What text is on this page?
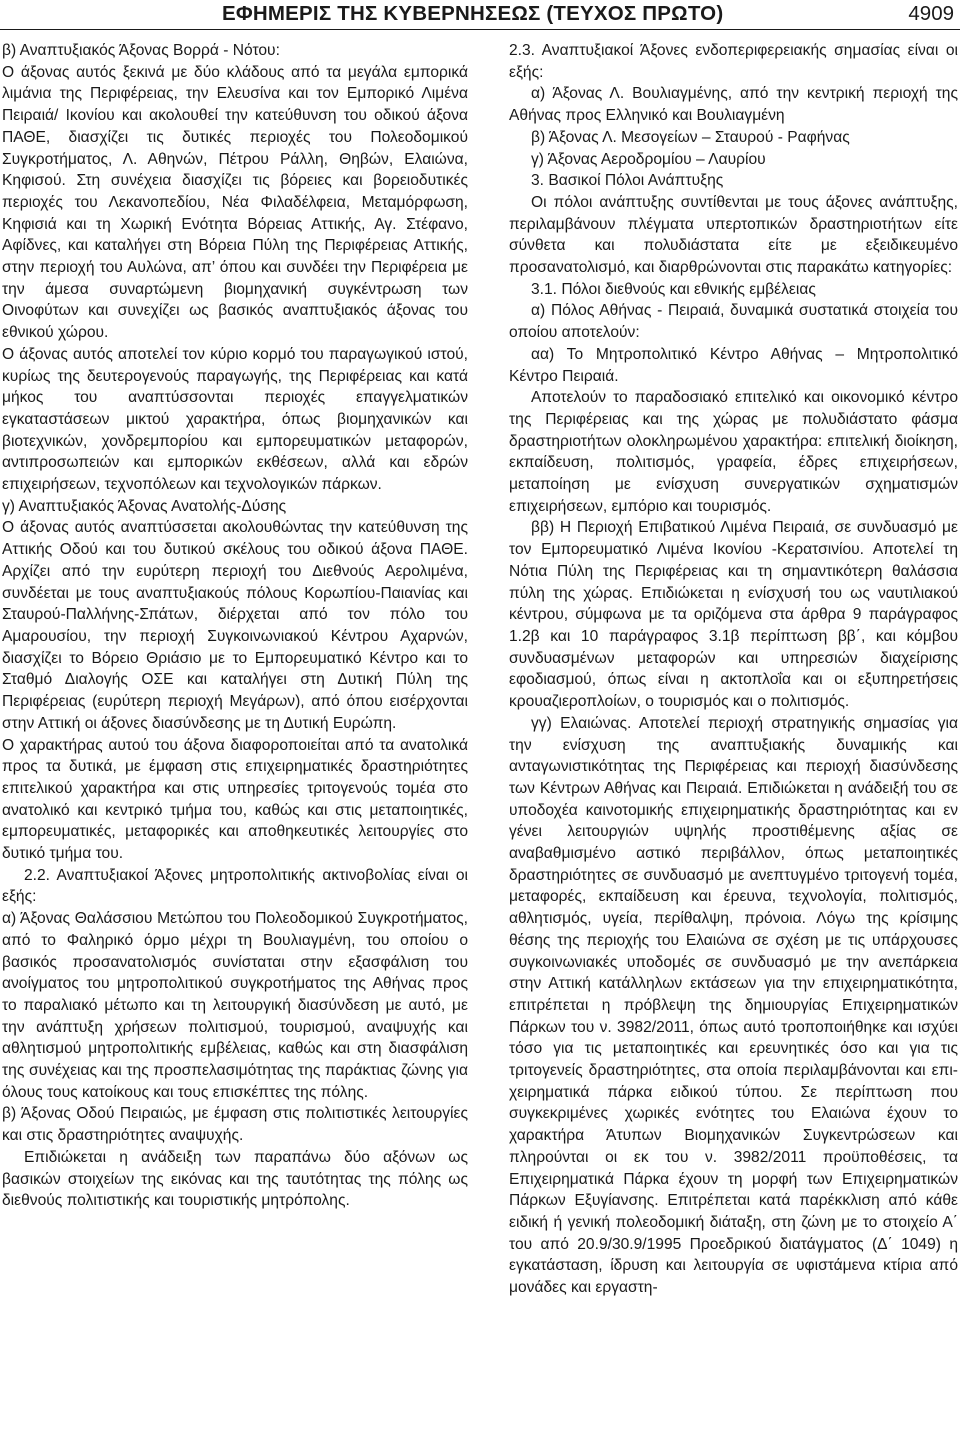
ΕΦΗΜΕΡΙΣ ΤΗΣ ΚΥΒΕΡΝΗΣΕΩΣ (ΤΕΥΧΟΣ ΠΡΩΤΟ)	4909

β) Αναπτυξιακός Άξονας Βορρά - Νότου:

Ο άξονας αυτός ξεκινά με δύο κλάδους από τα μεγάλα εμπορικά λιμάνια της Περιφέρειας, την Ελευσίνα και τον Εμπορικό Λιμένα Πειραιά/ Ικονίου και ακολουθεί την κατεύθυνση του οδικού άξονα ΠΑΘΕ, διασχίζει τις δυτικές περιοχές του Πολεοδομικού Συγκροτήματος, Λ. Αθηνών, Πέτρου Ράλλη, Θηβών, Ελαιώνα, Κηφισού. Στη συνέχεια διασχίζει τις βόρειες και βορειοδυτικές περιοχές του Λεκανοπεδίου, Νέα Φιλαδέλφεια, Μεταμόρφωση, Κηφισιά και τη Χωρική Ενότητα Βόρειας Αττικής, Αγ. Στέφανο, Αφίδνες, και καταλήγει στη Βόρεια Πύλη της Περιφέρειας Αττικής, στην περιοχή του Αυλώνα, απ’ όπου και συνδέει την Περιφέρεια με την άμεσα συναρτώμενη βιομηχανική συγκέντρωση των Οινοφύτων και συνεχίζει ως βασικός αναπτυξιακός άξονας του εθνικού χώρου.

Ο άξονας αυτός αποτελεί τον κύριο κορμό του παραγωγικού ιστού, κυρίως της δευτερογενούς παραγωγής, της Περιφέρειας και κατά μήκος του αναπτύσσονται περιοχές επαγγελματικών εγκαταστάσεων μικτού χαρακτήρα, όπως βιομηχανικών και βιοτεχνικών, χονδρεμπορίου και εμπορευματικών μεταφορών, αντιπροσωπειών και εμπορικών εκθέσεων, αλλά και εδρών επιχειρήσεων, τεχνοπόλεων και τεχνολογικών πάρκων.

γ) Αναπτυξιακός Άξονας Ανατολής-Δύσης

Ο άξονας αυτός αναπτύσσεται ακολουθώντας την κατεύθυνση της Αττικής Οδού και του δυτικού σκέλους του οδικού άξονα ΠΑΘΕ. Αρχίζει από την ευρύτερη περιοχή του Διεθνούς Αερολιμένα, συνδέεται με τους αναπτυξιακούς πόλους Κορωπίου-Παιανίας και Σταυρού-Παλλήνης-Σπάτων, διέρχεται από τον πόλο του Αμαρουσίου, την περιοχή Συγκοινωνιακού Κέντρου Αχαρνών, διασχίζει το Βόρειο Θριάσιο με το Εμπορευματικό Κέντρο και το Σταθμό Διαλογής ΟΣΕ και καταλήγει στη Δυτική Πύλη της Περιφέρειας (ευρύτερη περιοχή Μεγάρων), από όπου εισέρχονται στην Αττική οι άξονες διασύνδεσης με τη Δυτική Ευρώπη.

Ο χαρακτήρας αυτού του άξονα διαφοροποιείται από τα ανατολικά προς τα δυτικά, με έμφαση στις επιχειρηματικές δραστηριότητες επιτελικού χαρακτήρα και στις υπηρεσίες τριτογενούς τομέα στο ανατολικό και κεντρικό τμήμα του, καθώς και στις μεταποιητικές, εμπορευματικές, μεταφορικές και αποθηκευτικές λειτουργίες στο δυτικό τμήμα του.

2.2. Αναπτυξιακοί Άξονες μητροπολιτικής ακτινοβολίας είναι οι εξής:

α) Άξονας Θαλάσσιου Μετώπου του Πολεοδομικού Συγκροτήματος, από το Φαληρικό όρμο μέχρι τη Βουλιαγμένη, του οποίου ο βασικός προσανατολισμός συνίσταται στην εξασφάλιση του ανοίγματος του μητροπολιτικού συγκροτήματος της Αθήνας προς το παραλιακό μέτωπο και τη λειτουργική διασύνδεση με αυτό, με την ανάπτυξη χρήσεων πολιτισμού, τουρισμού, αναψυχής και αθλητισμού μητροπολιτικής εμβέλειας, καθώς και στη διασφάλιση της συνέχειας και της προσπελασιμότητας της παράκτιας ζώνης για όλους τους κατοίκους και τους επισκέπτες της πόλης.

β) Άξονας Οδού Πειραιώς, με έμφαση στις πολιτιστικές λειτουργίες και στις δραστηριότητες αναψυχής.

Επιδιώκεται η ανάδειξη των παραπάνω δύο αξόνων ως βασικών στοιχείων της εικόνας και της ταυτότητας της πόλης ως διεθνούς πολιτιστικής και τουριστικής μητρόπολης.

2.3. Αναπτυξιακοί Άξονες ενδοπεριφερειακής σημασίας είναι οι εξής:

α) Άξονας Λ. Βουλιαγμένης, από την κεντρική περιοχή της Αθήνας προς Ελληνικό και Βουλιαγμένη

β) Άξονας Λ. Μεσογείων – Σταυρού - Ραφήνας

γ) Άξονας Αεροδρομίου – Λαυρίου

3. Βασικοί Πόλοι Ανάπτυξης

Οι πόλοι ανάπτυξης συντίθενται με τους άξονες ανάπτυξης, περιλαμβάνουν πλέγματα υπερτοπικών δραστηριοτήτων είτε σύνθετα και πολυδιάστατα είτε με εξειδικευμένο προσανατολισμό, και διαρθρώνονται στις παρακάτω κατηγορίες:

3.1. Πόλοι διεθνούς και εθνικής εμβέλειας

α) Πόλος Αθήνας - Πειραιά, δυναμικά συστατικά στοιχεία του οποίου αποτελούν:

αα) Το Μητροπολιτικό Κέντρο Αθήνας – Μητροπολιτικό Κέντρο Πειραιά.

Αποτελούν το παραδοσιακό επιτελικό και οικονομικό κέντρο της Περιφέρειας και της χώρας με πολυδιάστατο φάσμα δραστηριοτήτων ολοκληρωμένου χαρακτήρα: επιτελική διοίκηση, εκπαίδευση, πολιτισμός, γραφεία, έδρες επιχειρήσεων, μεταποίηση με ενίσχυση συνεργατικών σχηματισμών επιχειρήσεων, εμπόριο και τουρισμός.

ββ) Η Περιοχή Επιβατικού Λιμένα Πειραιά, σε συνδυασμό με τον Εμπορευματικό Λιμένα Ικονίου -Κερατσινίου. Αποτελεί τη Νότια Πύλη της Περιφέρειας και τη σημαντικότερη θαλάσσια πύλη της χώρας. Επιδιώκεται η ενίσχυσή του ως ναυτιλιακού κέντρου, σύμφωνα με τα οριζόμενα στα άρθρα 9 παράγραφος 1.2β και 10 παράγραφος 3.1β περίπτωση ββ΄, και κόμβου συνδυασμένων μεταφορών και υπηρεσιών διαχείρισης εφοδιασμού, όπως είναι η ακτοπλοΐα και οι εξυπηρετήσεις κρουαζιεροπλοίων, ο τουρισμός και ο πολιτισμός.

γγ) Ελαιώνας. Αποτελεί περιοχή στρατηγικής σημασίας για την ενίσχυση της αναπτυξιακής δυναμικής και ανταγωνιστικότητας της Περιφέρειας και περιοχή διασύνδεσης των Κέντρων Αθήνας και Πειραιά. Επιδιώκεται η ανάδειξή του σε υποδοχέα καινοτομικής επιχειρηματικής δραστηριότητας και εν γένει λειτουργιών υψηλής προστιθέμενης αξίας σε αναβαθμισμένο αστικό περιβάλλον, όπως μεταποιητικές δραστηριότητες σε συνδυασμό με ανεπτυγμένο τριτογενή τομέα, μεταφορές, εκπαίδευση και έρευνα, τεχνολογία, πολιτισμός, αθλητισμός, υγεία, περίθαλψη, πρόνοια. Λόγω της κρίσιμης θέσης της περιοχής του Ελαιώνα σε σχέση με τις υπάρχουσες συγκοινωνιακές υποδομές σε συνδυασμό με την ανεπάρκεια στην Αττική κατάλληλων εκτάσεων για την επιχειρηματικότητα, επιτρέπεται η πρόβλεψη της δημιουργίας Επιχειρηματικών Πάρκων του ν. 3982/2011, όπως αυτό τροποποιήθηκε και ισχύει τόσο για τις μεταποιητικές και ερευνητικές όσο και για τις τριτογενείς δραστηριότητες, στα οποία περιλαμβάνονται και επιχειρηματικά πάρκα ειδικού τύπου. Σε περίπτωση που συγκεκριμένες χωρικές ενότητες του Ελαιώνα έχουν το χαρακτήρα Άτυπων Βιομηχανικών Συγκεντρώσεων και πληρούνται οι εκ του ν. 3982/2011 προϋποθέσεις, τα Επιχειρηματικά Πάρκα έχουν τη μορφή των Επιχειρηματικών Πάρκων Εξυγίανσης. Επιτρέπεται κατά παρέκκλιση από κάθε ειδική ή γενική πολεοδομική διάταξη, στη ζώνη με το στοιχείο Α΄ του από 20.9/30.9/1995 Προεδρικού διατάγματος (Δ΄ 1049) η εγκατάσταση, ίδρυση και λειτουργία σε υφιστάμενα κτίρια από μονάδες και εργαστη-
